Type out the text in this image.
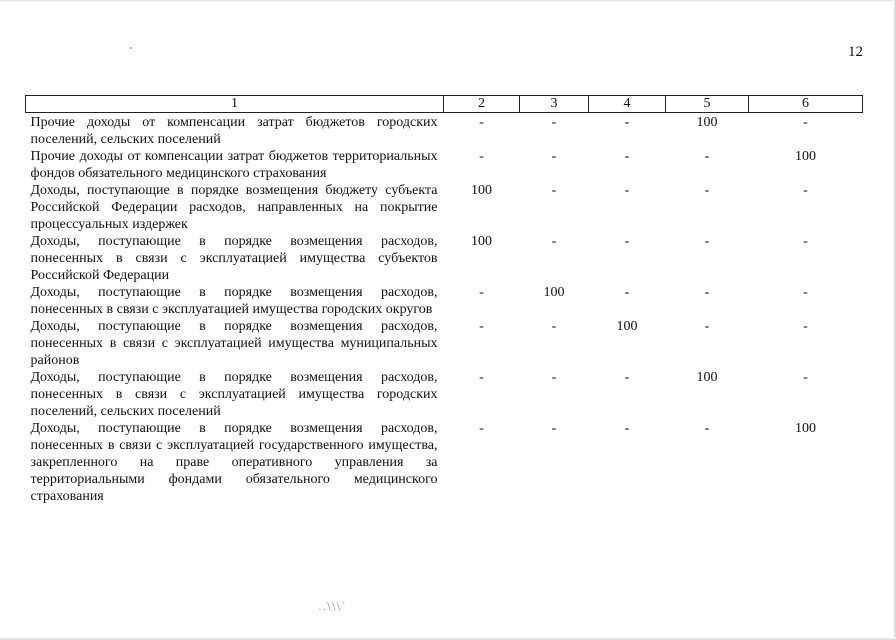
12
1	2	3	4	5	6
Прочие доходы от компенсации затрат бюджетов городских поселений, сельских поселений	-	-	-	100	-
Прочие доходы от компенсации затрат бюджетов территориальных фондов обязательного медицинского страхования	-	-	-	-	100
Доходы, поступающие в порядке возмещения бюджету субъекта Российской Федерации расходов, направленных на покрытие процессуальных издержек	100	-	-	-	-
Доходы, поступающие в порядке возмещения расходов, понесенных в связи с эксплуатацией имущества субъектов Российской Федерации	100	-	-	-	-
Доходы, поступающие в порядке возмещения расходов, понесенных в связи с эксплуатацией имущества городских округов	-	100	-	-	-
Доходы, поступающие в порядке возмещения расходов, понесенных в связи с эксплуатацией имущества муниципальных районов	-	-	100	-	-
Доходы, поступающие в порядке возмещения расходов, понесенных в связи с эксплуатацией имущества городских поселений, сельских поселений	-	-	-	100	-
Доходы, поступающие в порядке возмещения расходов, понесенных в связи с эксплуатацией государственного имущества, закрепленного на праве оперативного управления за территориальными фондами обязательного медицинского страхования	-	-	-	-	100
.․\\\`
